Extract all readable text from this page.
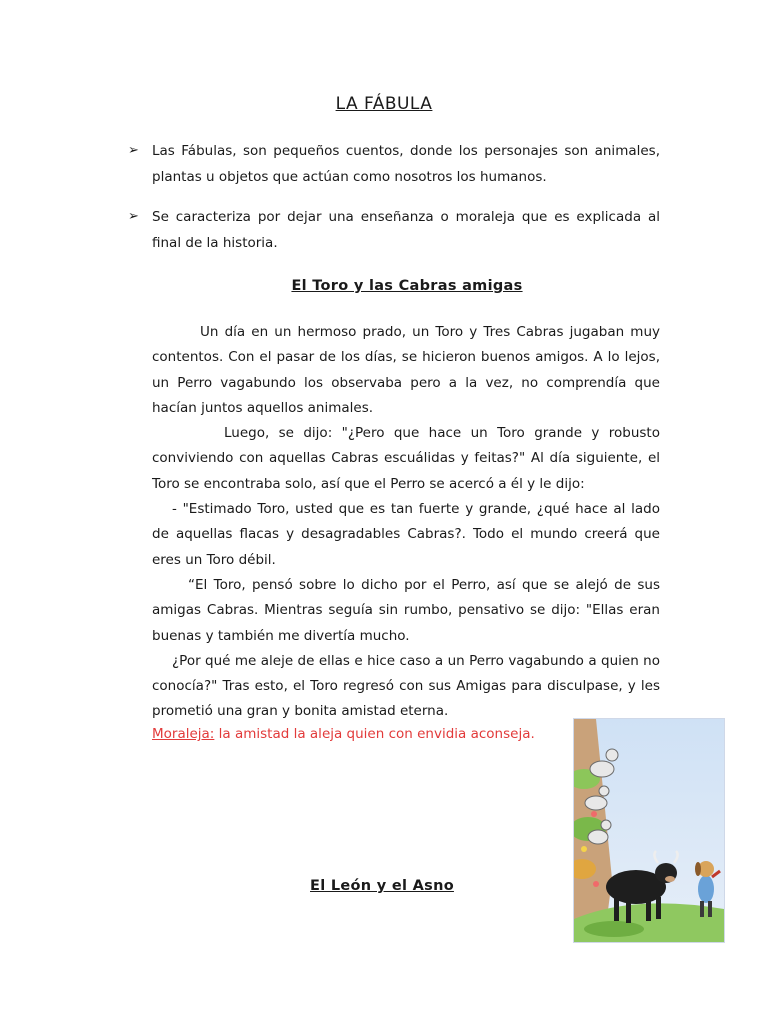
LA FÁBULA
➢ Las Fábulas, son pequeños cuentos, donde los personajes son animales, plantas u objetos que actúan como nosotros los humanos.
➢ Se caracteriza por dejar una enseñanza o moraleja que es explicada al final de la historia.
El Toro y las Cabras amigas

Un día en un hermoso prado, un Toro y Tres Cabras jugaban muy contentos. Con el pasar de los días, se hicieron buenos amigos. A lo lejos, un Perro vagabundo los observaba pero a la vez, no comprendía que hacían juntos aquellos animales.

Luego, se dijo: "¿Pero que hace un Toro grande y robusto conviviendo con aquellas Cabras escuálidas y feitas?" Al día siguiente, el Toro se encontraba solo, así que el Perro se acercó a él y le dijo:

- "Estimado Toro, usted que es tan fuerte y grande, ¿qué hace al lado de aquellas flacas y desagradables Cabras?. Todo el mundo creerá que eres un Toro débil.

“El Toro, pensó sobre lo dicho por el Perro, así que se alejó de sus amigas Cabras. Mientras seguía sin rumbo, pensativo se dijo: "Ellas eran buenas y también me divertía mucho.

¿Por qué me aleje de ellas e hice caso a un Perro vagabundo a quien no conocía?" Tras esto, el Toro regresó con sus Amigas para disculpase, y les prometió una gran y bonita amistad eterna.

Moraleja: la amistad la aleja quien con envidia aconseja.
El León y el Asno
